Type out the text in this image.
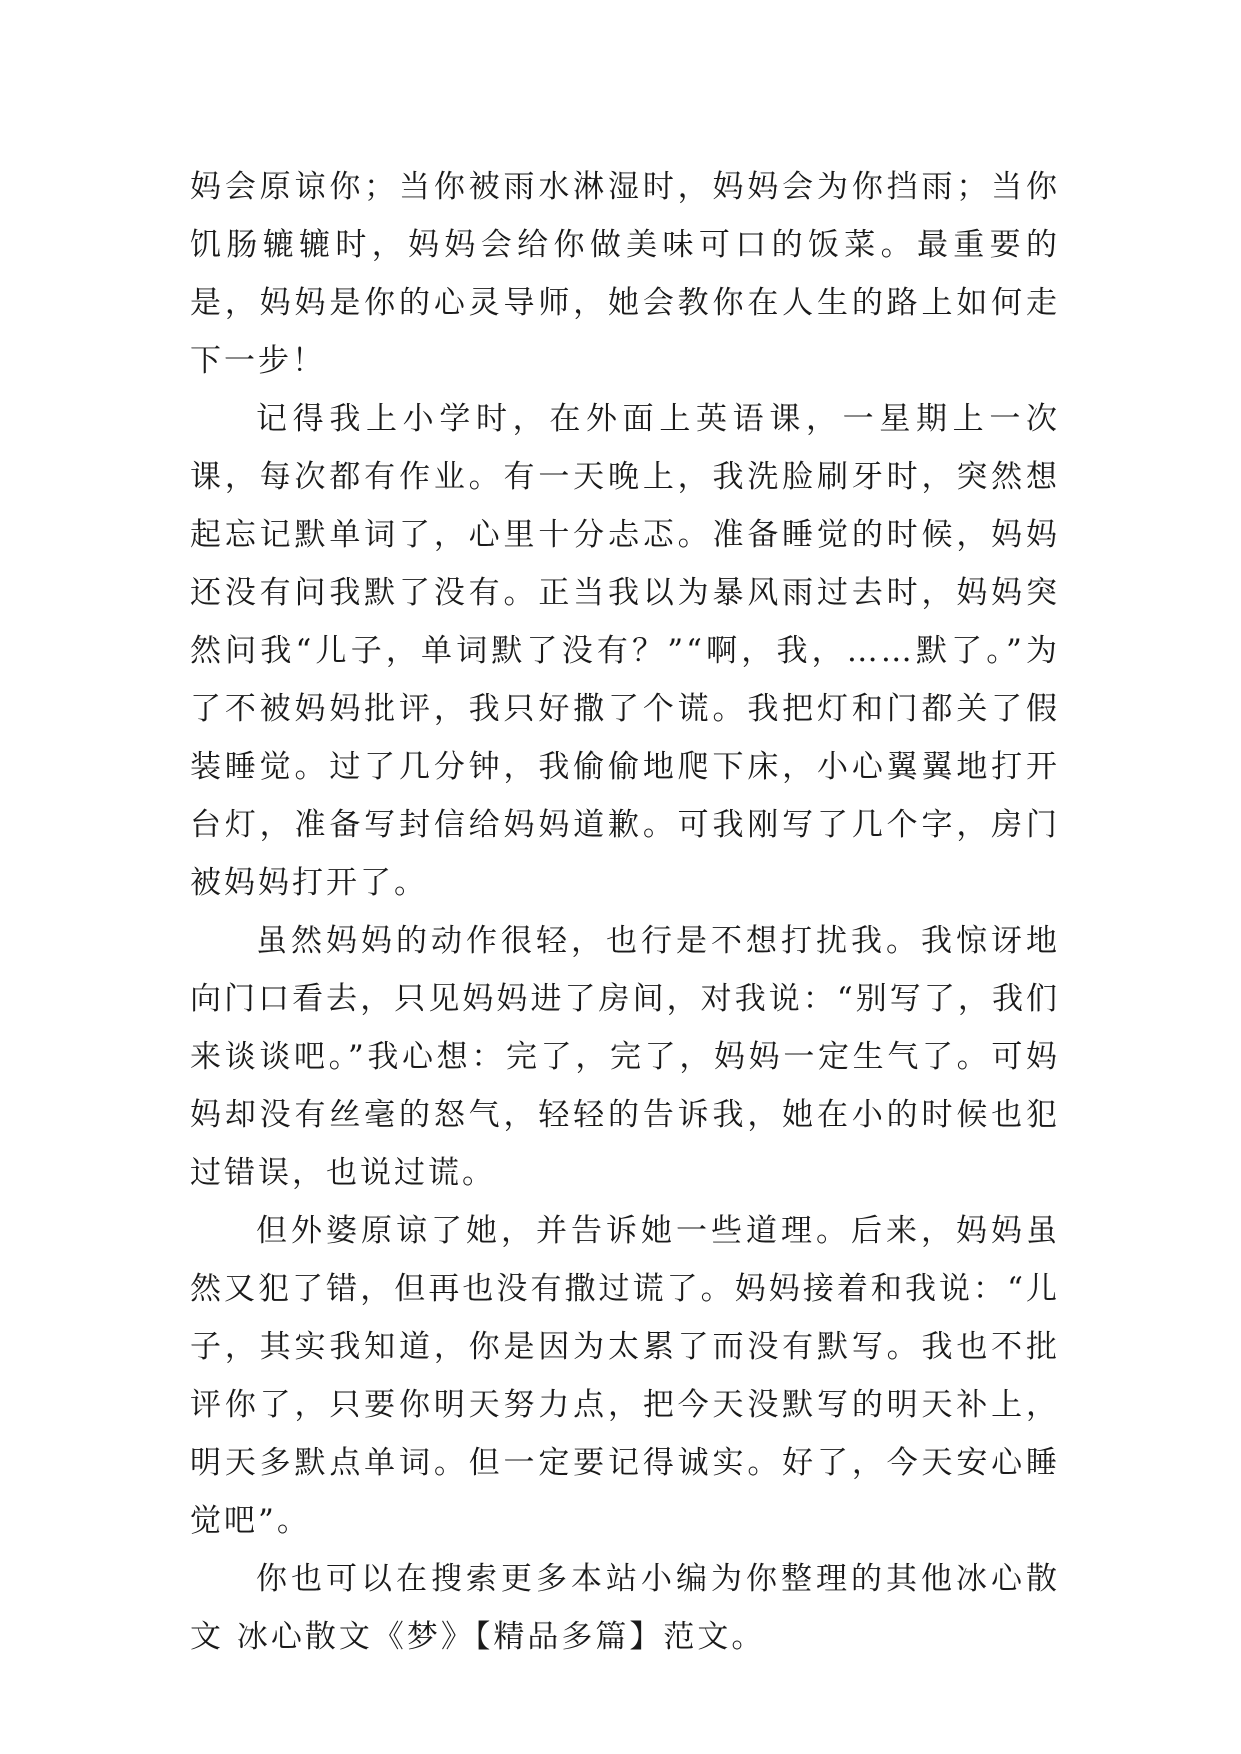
妈会原谅你；当你被雨水淋湿时，妈妈会为你挡雨；当你饥肠辘辘时，妈妈会给你做美味可口的饭菜。最重要的是，妈妈是你的心灵导师，她会教你在人生的路上如何走下一步！

记得我上小学时，在外面上英语课，一星期上一次课，每次都有作业。有一天晚上，我洗脸刷牙时，突然想起忘记默单词了，心里十分忐忑。准备睡觉的时候，妈妈还没有问我默了没有。正当我以为暴风雨过去时，妈妈突然问我“儿子，单词默了没有？”“啊，我，……默了。”为了不被妈妈批评，我只好撒了个谎。我把灯和门都关了假装睡觉。过了几分钟，我偷偷地爬下床，小心翼翼地打开台灯，准备写封信给妈妈道歉。可我刚写了几个字，房门被妈妈打开了。

虽然妈妈的动作很轻，也行是不想打扰我。我惊讶地向门口看去，只见妈妈进了房间，对我说：“别写了，我们来谈谈吧。”我心想：完了，完了，妈妈一定生气了。可妈妈却没有丝毫的怒气，轻轻的告诉我，她在小的时候也犯过错误，也说过谎。

但外婆原谅了她，并告诉她一些道理。后来，妈妈虽然又犯了错，但再也没有撒过谎了。妈妈接着和我说：“儿子，其实我知道，你是因为太累了而没有默写。我也不批评你了，只要你明天努力点，把今天没默写的明天补上，明天多默点单词。但一定要记得诚实。好了，今天安心睡觉吧”。

你也可以在搜索更多本站小编为你整理的其他冰心散文 冰心散文《梦》【精品多篇】范文。
